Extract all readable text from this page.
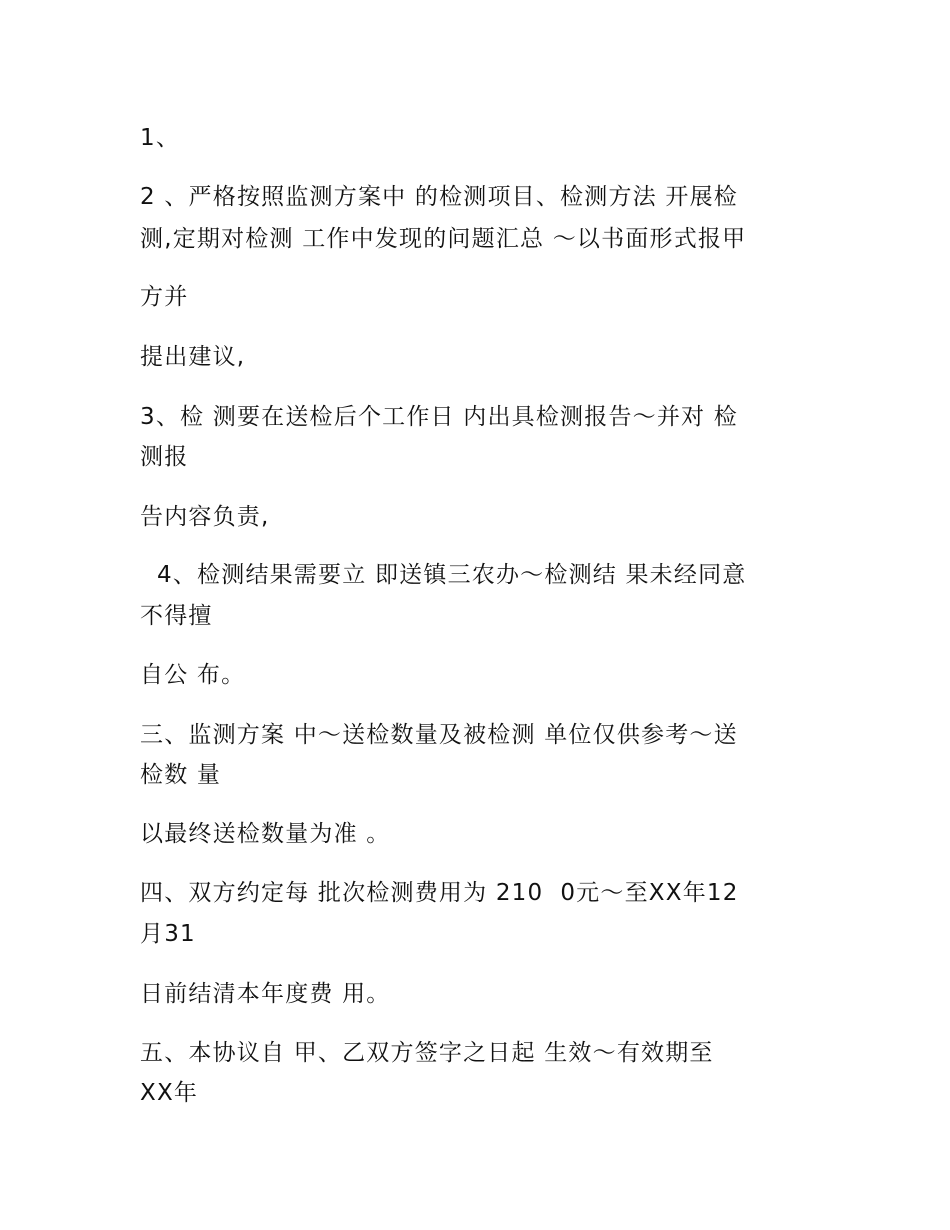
1、

2 、严格按照监测方案中 的检测项目、检测方法 开展检

测,定期对检测 工作中发现的问题汇总 ～以书面形式报甲

方并

提出建议,

3、检 测要在送检后个工作日 内出具检测报告～并对 检

测报

告内容负责,

4、检测结果需要立 即送镇三农办～检测结 果未经同意

不得擅

自公 布。

三、监测方案 中～送检数量及被检测 单位仅供参考～送

检数 量

以最终送检数量为准 。

四、双方约定每 批次检测费用为 210  0元～至XX年12

月31

日前结清本年度费 用。

五、本协议自 甲、乙双方签字之日起 生效～有效期至

XX年
